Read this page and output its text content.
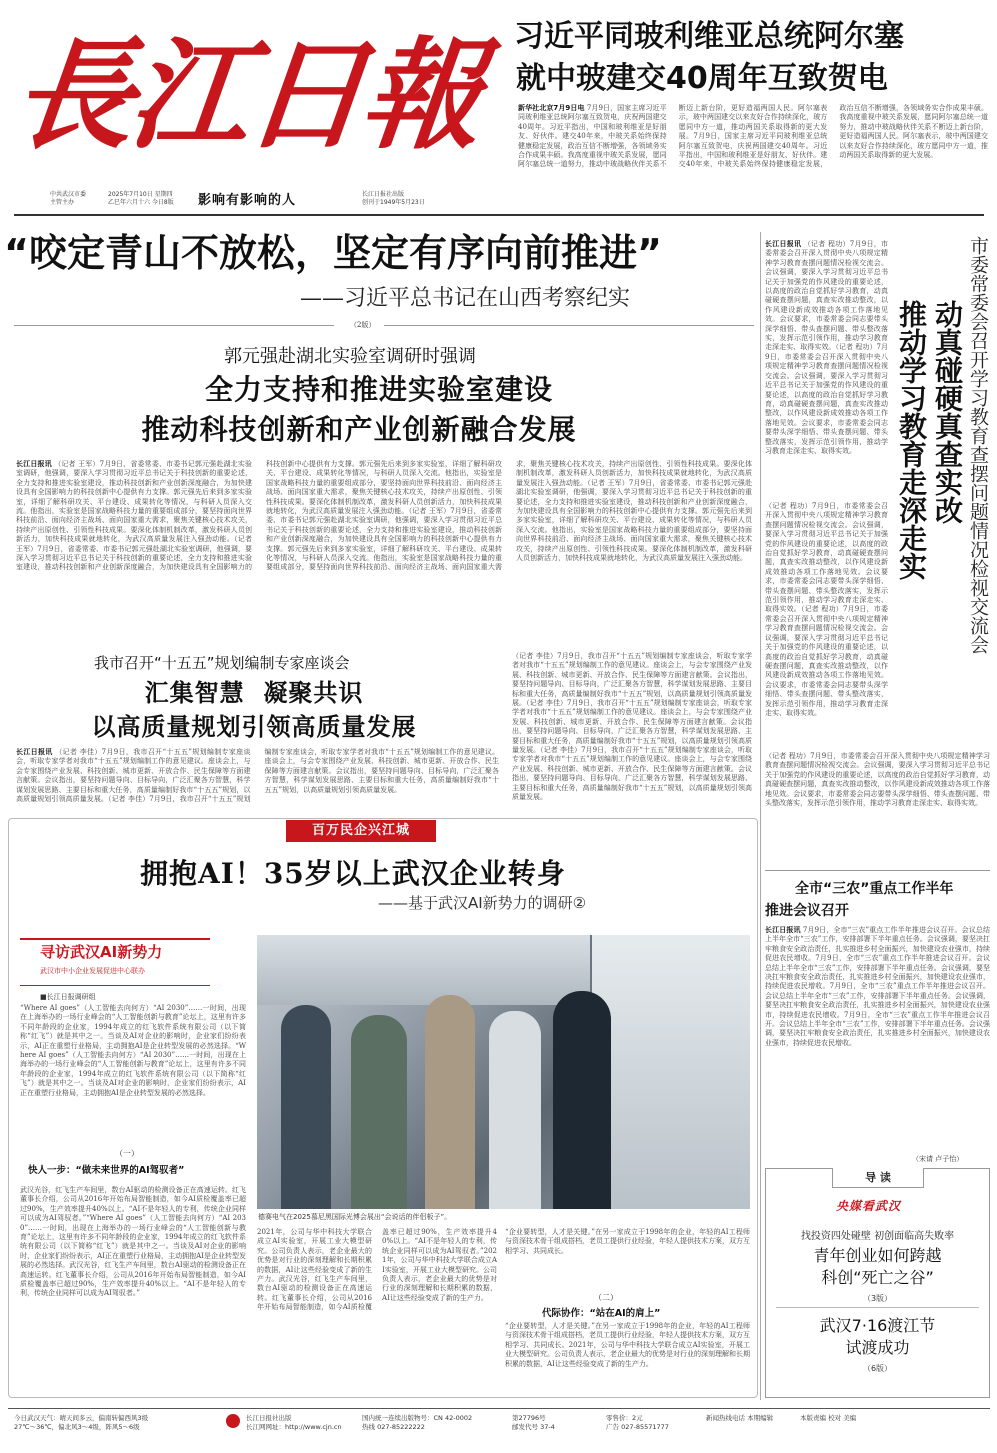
長江日報
中共武汉市委
主管主办
2025年7月10日 星期四
乙巳年六月十六 今日8版 影响有影响的人	长江日报社出版
创刊于1949年5月23日
习近平同玻利维亚总统阿尔塞
就中玻建交40周年互致贺电
新华社北京7月9日电 7月9日，国家主席习近平同玻利维亚总统阿尔塞互致贺电，庆祝两国建交40周年。习近平指出，中国和玻利维亚是好朋友、好伙伴。建交40年来，中玻关系始终保持健康稳定发展，政治互信不断增强，各领域务实合作成果丰硕。我高度重视中玻关系发展，愿同阿尔塞总统一道努力，推动中玻战略伙伴关系不断迈上新台阶，更好造福两国人民。阿尔塞表示，玻中两国建交以来友好合作持续深化，玻方愿同中方一道，推动两国关系取得新的更大发展。7月9日，国家主席习近平同玻利维亚总统阿尔塞互致贺电，庆祝两国建交40周年。习近平指出，中国和玻利维亚是好朋友、好伙伴。建交40年来，中玻关系始终保持健康稳定发展，政治互信不断增强，各领域务实合作成果丰硕。我高度重视中玻关系发展，愿同阿尔塞总统一道努力，推动中玻战略伙伴关系不断迈上新台阶，更好造福两国人民。阿尔塞表示，玻中两国建交以来友好合作持续深化，玻方愿同中方一道，推动两国关系取得新的更大发展。
“咬定青山不放松，坚定有序向前推进”
——习近平总书记在山西考察纪实
（2版）
郭元强赴湖北实验室调研时强调
全力支持和推进实验室建设
推动科技创新和产业创新融合发展
长江日报讯 （记者 王军）7月9日，省委常委、市委书记郭元强赴湖北实验室调研，他强调，要深入学习贯彻习近平总书记关于科技创新的重要论述，全力支持和推进实验室建设，推动科技创新和产业创新深度融合，为加快建设具有全国影响力的科技创新中心提供有力支撑。郭元强先后来到多家实验室，详细了解科研攻关、平台建设、成果转化等情况，与科研人员深入交流。他指出，实验室是国家战略科技力量的重要组成部分，要坚持面向世界科技前沿、面向经济主战场、面向国家重大需求，聚焦关键核心技术攻关，持续产出原创性、引领性科技成果。要深化体制机制改革，激发科研人员创新活力，加快科技成果就地转化，为武汉高质量发展注入强劲动能。（记者 王军）7月9日，省委常委、市委书记郭元强赴湖北实验室调研，他强调，要深入学习贯彻习近平总书记关于科技创新的重要论述，全力支持和推进实验室建设，推动科技创新和产业创新深度融合，为加快建设具有全国影响力的科技创新中心提供有力支撑。郭元强先后来到多家实验室，详细了解科研攻关、平台建设、成果转化等情况，与科研人员深入交流。他指出，实验室是国家战略科技力量的重要组成部分，要坚持面向世界科技前沿、面向经济主战场、面向国家重大需求，聚焦关键核心技术攻关，持续产出原创性、引领性科技成果。要深化体制机制改革，激发科研人员创新活力，加快科技成果就地转化，为武汉高质量发展注入强劲动能。（记者 王军）7月9日，省委常委、市委书记郭元强赴湖北实验室调研，他强调，要深入学习贯彻习近平总书记关于科技创新的重要论述，全力支持和推进实验室建设，推动科技创新和产业创新深度融合，为加快建设具有全国影响力的科技创新中心提供有力支撑。郭元强先后来到多家实验室，详细了解科研攻关、平台建设、成果转化等情况，与科研人员深入交流。他指出，实验室是国家战略科技力量的重要组成部分，要坚持面向世界科技前沿、面向经济主战场、面向国家重大需求，聚焦关键核心技术攻关，持续产出原创性、引领性科技成果。要深化体制机制改革，激发科研人员创新活力，加快科技成果就地转化，为武汉高质量发展注入强劲动能。（记者 王军）7月9日，省委常委、市委书记郭元强赴湖北实验室调研，他强调，要深入学习贯彻习近平总书记关于科技创新的重要论述，全力支持和推进实验室建设，推动科技创新和产业创新深度融合，为加快建设具有全国影响力的科技创新中心提供有力支撑。郭元强先后来到多家实验室，详细了解科研攻关、平台建设、成果转化等情况，与科研人员深入交流。他指出，实验室是国家战略科技力量的重要组成部分，要坚持面向世界科技前沿、面向经济主战场、面向国家重大需求，聚焦关键核心技术攻关，持续产出原创性、引领性科技成果。要深化体制机制改革，激发科研人员创新活力，加快科技成果就地转化，为武汉高质量发展注入强劲动能。
我市召开“十五五”规划编制专家座谈会
汇集智慧  凝聚共识
以高质量规划引领高质量发展
长江日报讯 （记者 李佳）7月9日，我市召开“十五五”规划编制专家座谈会，听取专家学者对我市“十五五”规划编制工作的意见建议。座谈会上，与会专家围绕产业发展、科技创新、城市更新、开放合作、民生保障等方面建言献策。会议指出，要坚持问题导向、目标导向，广泛汇聚各方智慧，科学谋划发展思路、主要目标和重大任务，高质量编制好我市“十五五”规划，以高质量规划引领高质量发展。（记者 李佳）7月9日，我市召开“十五五”规划编制专家座谈会，听取专家学者对我市“十五五”规划编制工作的意见建议。座谈会上，与会专家围绕产业发展、科技创新、城市更新、开放合作、民生保障等方面建言献策。会议指出，要坚持问题导向、目标导向，广泛汇聚各方智慧，科学谋划发展思路、主要目标和重大任务，高质量编制好我市“十五五”规划，以高质量规划引领高质量发展。
（记者 李佳）7月9日，我市召开“十五五”规划编制专家座谈会，听取专家学者对我市“十五五”规划编制工作的意见建议。座谈会上，与会专家围绕产业发展、科技创新、城市更新、开放合作、民生保障等方面建言献策。会议指出，要坚持问题导向、目标导向，广泛汇聚各方智慧，科学谋划发展思路、主要目标和重大任务，高质量编制好我市“十五五”规划，以高质量规划引领高质量发展。（记者 李佳）7月9日，我市召开“十五五”规划编制专家座谈会，听取专家学者对我市“十五五”规划编制工作的意见建议。座谈会上，与会专家围绕产业发展、科技创新、城市更新、开放合作、民生保障等方面建言献策。会议指出，要坚持问题导向、目标导向，广泛汇聚各方智慧，科学谋划发展思路、主要目标和重大任务，高质量编制好我市“十五五”规划，以高质量规划引领高质量发展。（记者 李佳）7月9日，我市召开“十五五”规划编制专家座谈会，听取专家学者对我市“十五五”规划编制工作的意见建议。座谈会上，与会专家围绕产业发展、科技创新、城市更新、开放合作、民生保障等方面建言献策。会议指出，要坚持问题导向、目标导向，广泛汇聚各方智慧，科学谋划发展思路、主要目标和重大任务，高质量编制好我市“十五五”规划，以高质量规划引领高质量发展。
百万民企兴江城
拥抱AI！35岁以上武汉企业转身
——基于武汉AI新势力的调研②
寻访武汉AI新势力
武汉市中小企业发展促进中心联办
■长江日报调研组
“Where AI goes”（人工智能去向何方）“AI 2030”……一时间，出现在上海举办的一场行业峰会的“人工智能创新与教育”论坛上，这里有许多不同年龄段的企业家，1994年成立的红飞软件系统有限公司（以下简称“红飞”）就是其中之一。当谈及AI对企业的影响时，企业家们纷纷表示，AI正在重塑行业格局，主动拥抱AI是企业转型发展的必然选择。“Where AI goes”（人工智能去向何方）“AI 2030”……一时间，出现在上海举办的一场行业峰会的“人工智能创新与教育”论坛上，这里有许多不同年龄段的企业家，1994年成立的红飞软件系统有限公司（以下简称“红飞”）就是其中之一。当谈及AI对企业的影响时，企业家们纷纷表示，AI正在重塑行业格局，主动拥抱AI是企业转型发展的必然选择。
（一）
快人一步：“做未来世界的AI驾驭者”
武汉光谷，红飞生产车间里，数台AI驱动的检测设备正在高速运转。红飞董事长介绍，公司从2016年开始布局智能制造，如今AI质检覆盖率已超过90%，生产效率提升40%以上。“AI不是年轻人的专利，传统企业同样可以成为AI驾驭者。”“Where AI goes”（人工智能去向何方）“AI 2030”……一时间，出现在上海举办的一场行业峰会的“人工智能创新与教育”论坛上，这里有许多不同年龄段的企业家，1994年成立的红飞软件系统有限公司（以下简称“红飞”）就是其中之一。当谈及AI对企业的影响时，企业家们纷纷表示，AI正在重塑行业格局，主动拥抱AI是企业转型发展的必然选择。武汉光谷，红飞生产车间里，数台AI驱动的检测设备正在高速运转。红飞董事长介绍，公司从2016年开始布局智能制造，如今AI质检覆盖率已超过90%，生产效率提升40%以上。“AI不是年轻人的专利，传统企业同样可以成为AI驾驭者。”
德赛电气在2025慕尼黑国际光博会展出“会说话的伴侣板子”。
2021年，公司与华中科技大学联合成立AI实验室，开展工业大模型研究。公司负责人表示，老企业最大的优势是对行业的深刻理解和长期积累的数据，AI让这些经验变成了新的生产力。武汉光谷，红飞生产车间里，数台AI驱动的检测设备正在高速运转。红飞董事长介绍，公司从2016年开始布局智能制造，如今AI质检覆盖率已超过90%，生产效率提升40%以上。“AI不是年轻人的专利，传统企业同样可以成为AI驾驭者。”2021年，公司与华中科技大学联合成立AI实验室，开展工业大模型研究。公司负责人表示，老企业最大的优势是对行业的深刻理解和长期积累的数据，AI让这些经验变成了新的生产力。
“企业要转型，人才是关键。”在另一家成立于1998年的企业，年轻的AI工程师与资深技术骨干组成搭档，老员工提供行业经验，年轻人提供技术方案，双方互相学习、共同成长。
（二）
代际协作：“站在AI的肩上”
“企业要转型，人才是关键。”在另一家成立于1998年的企业，年轻的AI工程师与资深技术骨干组成搭档，老员工提供行业经验，年轻人提供技术方案，双方互相学习、共同成长。2021年，公司与华中科技大学联合成立AI实验室，开展工业大模型研究。公司负责人表示，老企业最大的优势是对行业的深刻理解和长期积累的数据，AI让这些经验变成了新的生产力。
长江日报讯 （记者 程功）7月9日，市委常委会召开深入贯彻中央八项规定精神学习教育查摆问题情况检视交流会。会议强调，要深入学习贯彻习近平总书记关于加强党的作风建设的重要论述，以高度的政治自觉抓好学习教育，动真碰硬查摆问题，真查实改推动整改，以作风建设新成效推动各项工作落地见效。会议要求，市委常委会同志要带头深学细悟、带头查摆问题、带头整改落实，发挥示范引领作用，推动学习教育走深走实、取得实效。（记者 程功）7月9日，市委常委会召开深入贯彻中央八项规定精神学习教育查摆问题情况检视交流会。会议强调，要深入学习贯彻习近平总书记关于加强党的作风建设的重要论述，以高度的政治自觉抓好学习教育，动真碰硬查摆问题，真查实改推动整改，以作风建设新成效推动各项工作落地见效。会议要求，市委常委会同志要带头深学细悟、带头查摆问题、带头整改落实，发挥示范引领作用，推动学习教育走深走实、取得实效。	市委常委会召开学习教育查摆问题情况检视交流会
动真碰硬真查实改
推动学习教育走深走实
（记者 程功）7月9日，市委常委会召开深入贯彻中央八项规定精神学习教育查摆问题情况检视交流会。会议强调，要深入学习贯彻习近平总书记关于加强党的作风建设的重要论述，以高度的政治自觉抓好学习教育，动真碰硬查摆问题，真查实改推动整改，以作风建设新成效推动各项工作落地见效。会议要求，市委常委会同志要带头深学细悟、带头查摆问题、带头整改落实，发挥示范引领作用，推动学习教育走深走实、取得实效。（记者 程功）7月9日，市委常委会召开深入贯彻中央八项规定精神学习教育查摆问题情况检视交流会。会议强调，要深入学习贯彻习近平总书记关于加强党的作风建设的重要论述，以高度的政治自觉抓好学习教育，动真碰硬查摆问题，真查实改推动整改，以作风建设新成效推动各项工作落地见效。会议要求，市委常委会同志要带头深学细悟、带头查摆问题、带头整改落实，发挥示范引领作用，推动学习教育走深走实、取得实效。
（记者 程功）7月9日，市委常委会召开深入贯彻中央八项规定精神学习教育查摆问题情况检视交流会。会议强调，要深入学习贯彻习近平总书记关于加强党的作风建设的重要论述，以高度的政治自觉抓好学习教育，动真碰硬查摆问题，真查实改推动整改，以作风建设新成效推动各项工作落地见效。会议要求，市委常委会同志要带头深学细悟、带头查摆问题、带头整改落实，发挥示范引领作用，推动学习教育走深走实、取得实效。
全市“三农”重点工作半年
推进会议召开
长江日报讯 7月9日，全市“三农”重点工作半年推进会议召开。会议总结上半年全市“三农”工作，安排部署下半年重点任务。会议强调，要坚决扛牢粮食安全政治责任，扎实推进乡村全面振兴，加快建设农业强市，持续促进农民增收。7月9日，全市“三农”重点工作半年推进会议召开。会议总结上半年全市“三农”工作，安排部署下半年重点任务。会议强调，要坚决扛牢粮食安全政治责任，扎实推进乡村全面振兴，加快建设农业强市，持续促进农民增收。7月9日，全市“三农”重点工作半年推进会议召开。会议总结上半年全市“三农”工作，安排部署下半年重点任务。会议强调，要坚决扛牢粮食安全政治责任，扎实推进乡村全面振兴，加快建设农业强市，持续促进农民增收。7月9日，全市“三农”重点工作半年推进会议召开。会议总结上半年全市“三农”工作，安排部署下半年重点任务。会议强调，要坚决扛牢粮食安全政治责任，扎实推进乡村全面振兴，加快建设农业强市，持续促进农民增收。
（宋请 卢子怡）
导 读
央媒看武汉
找投资四处碰壁 初创面临高失败率
青年创业如何跨越
科创“死亡之谷”
（3版）
武汉7·16渡江节
试渡成功
（6版）
今日武汉天气：晴天间多云，偏南转偏西风3级
27℃～36℃，偏北风3～4级，阵风5～6级
长江日报社出版
长江网网址：http://www.cjn.cn
国内统一连续出版物号：CN 42-0002
热线 027-85222222
第27796号
邮发代号 37-4
零售价：2元
广告 027-85571777
新闻热线电话 本期编辑	本版责编 校对 美编
